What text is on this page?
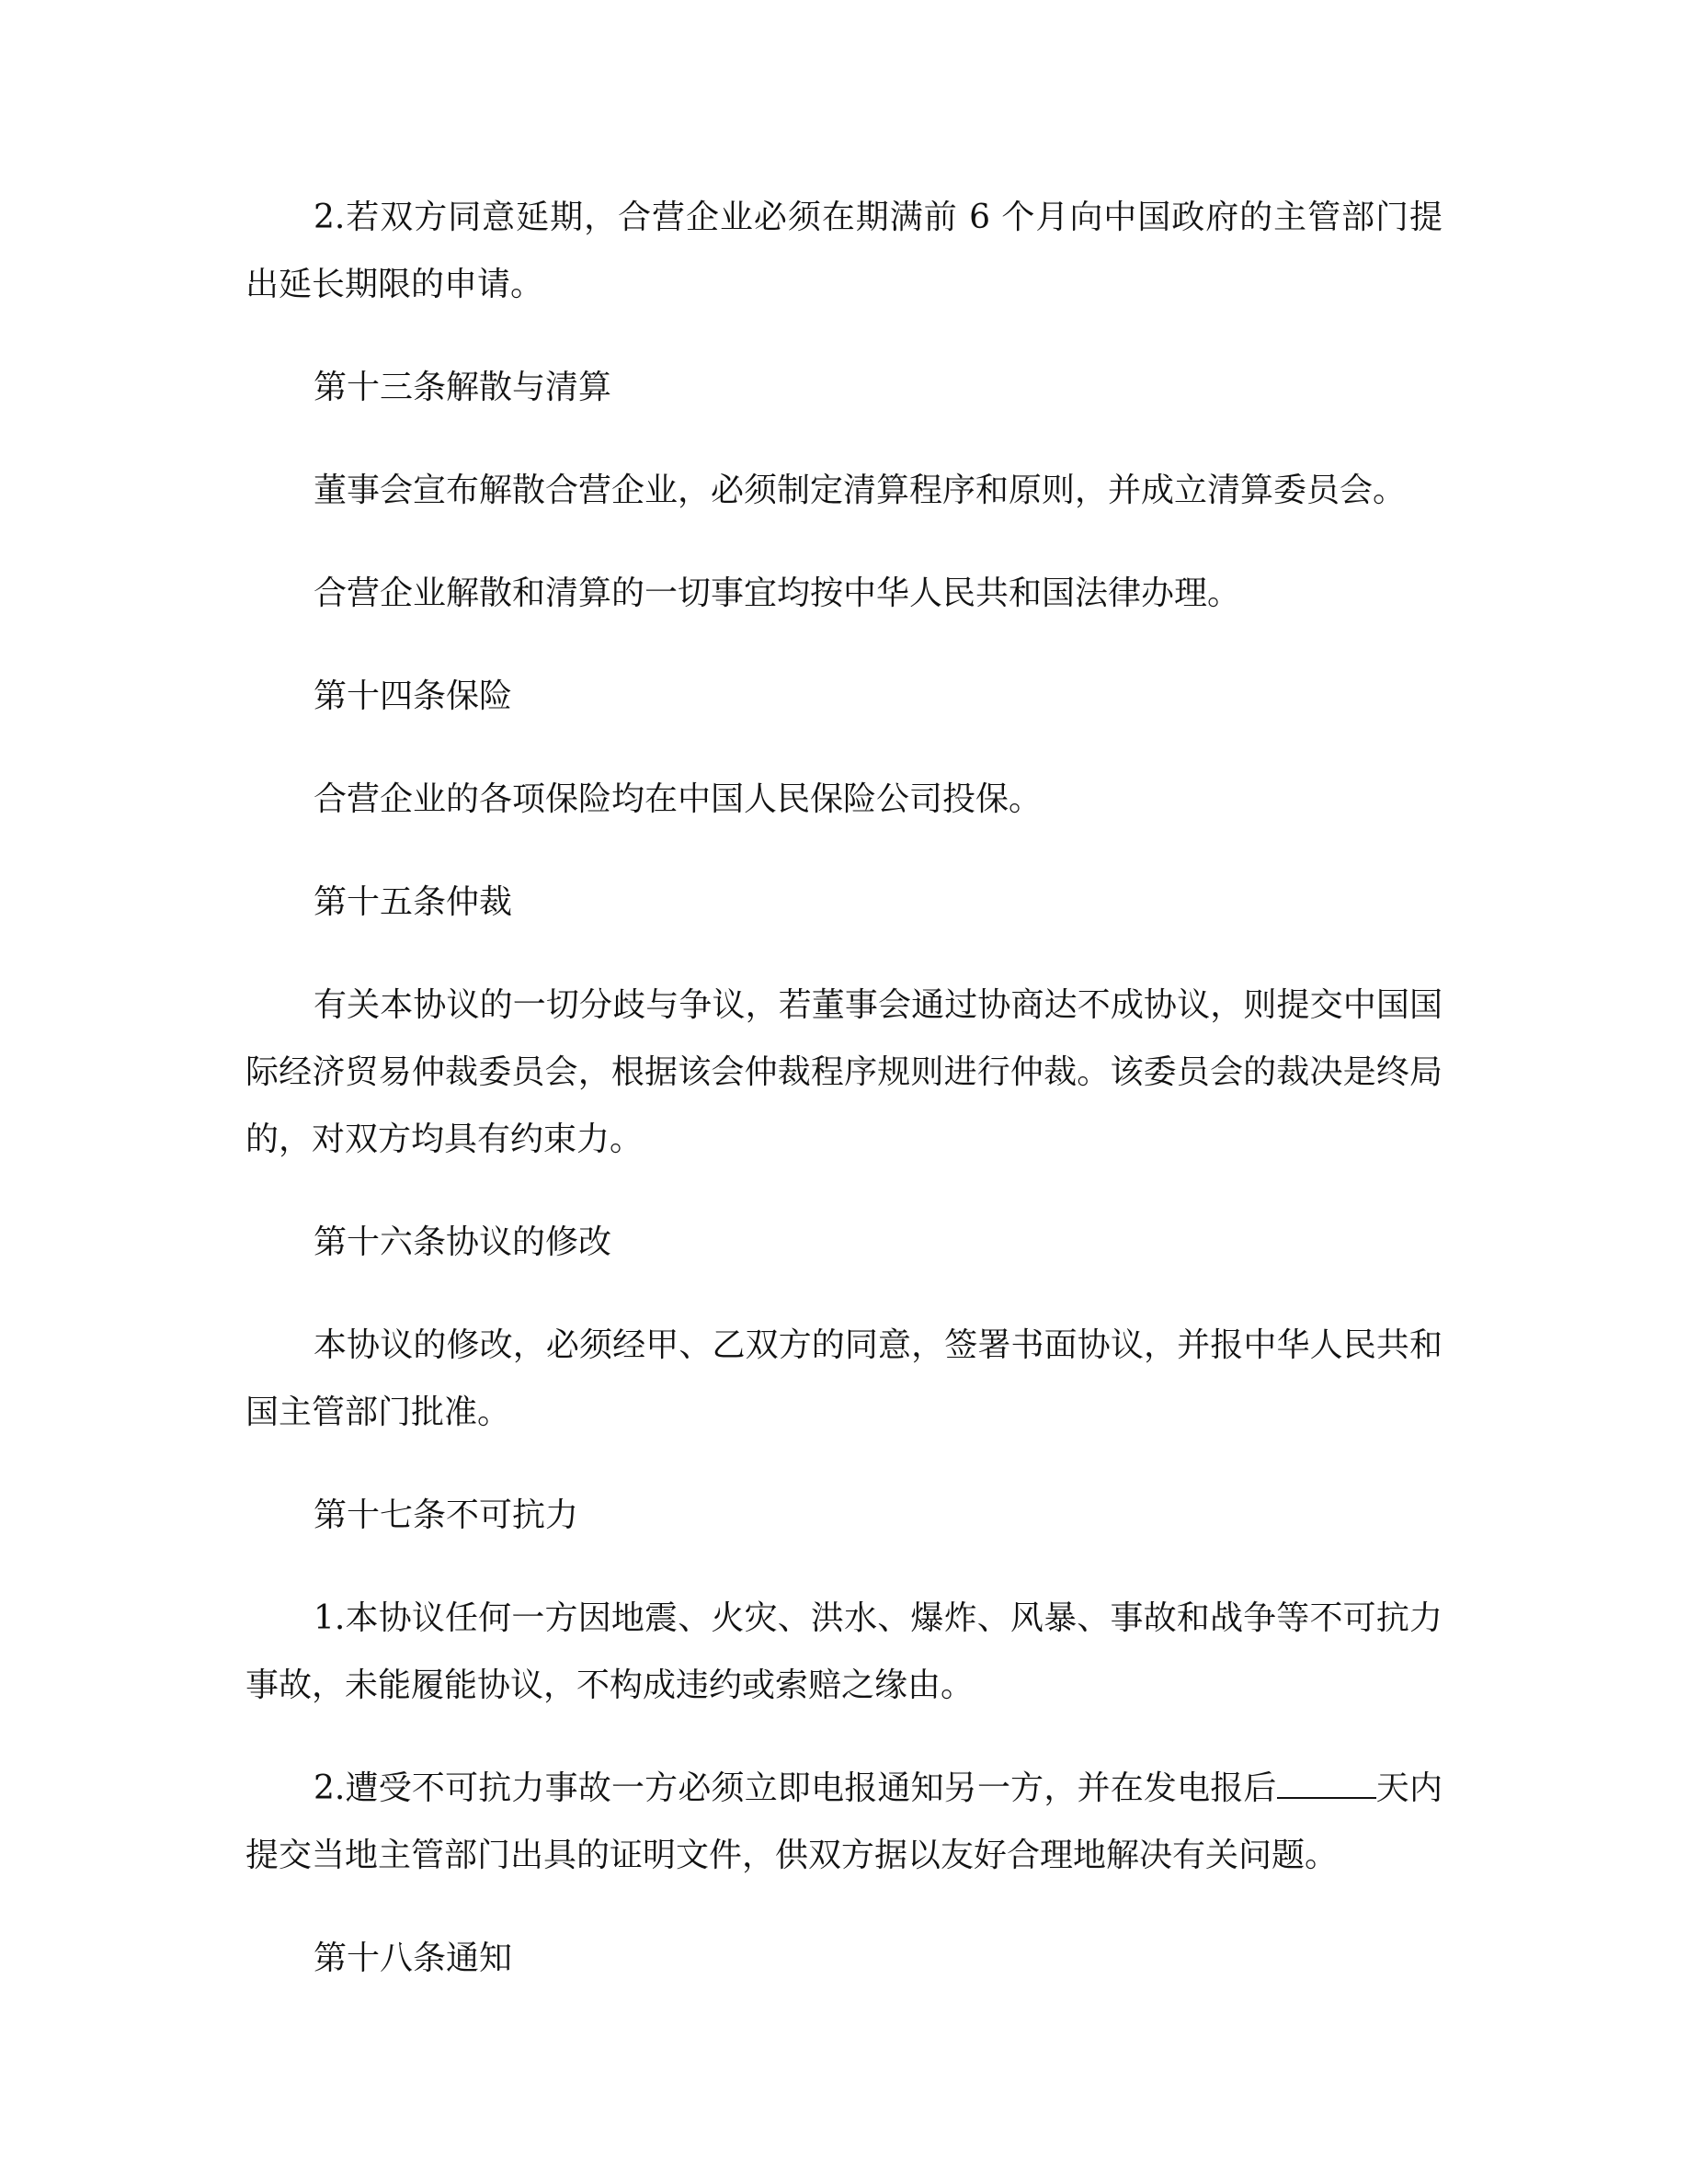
2.若双方同意延期，合营企业必须在期满前 6 个月向中国政府的主管部门提出延长期限的申请。

第十三条解散与清算

董事会宣布解散合营企业，必须制定清算程序和原则，并成立清算委员会。

合营企业解散和清算的一切事宜均按中华人民共和国法律办理。

第十四条保险

合营企业的各项保险均在中国人民保险公司投保。

第十五条仲裁

有关本协议的一切分歧与争议，若董事会通过协商达不成协议，则提交中国国际经济贸易仲裁委员会，根据该会仲裁程序规则进行仲裁。该委员会的裁决是终局的，对双方均具有约束力。

第十六条协议的修改

本协议的修改，必须经甲、乙双方的同意，签署书面协议，并报中华人民共和国主管部门批准。

第十七条不可抗力

1.本协议任何一方因地震、火灾、洪水、爆炸、风暴、事故和战争等不可抗力事故，未能履能协议，不构成违约或索赔之缘由。

2.遭受不可抗力事故一方必须立即电报通知另一方，并在发电报后	天内提交当地主管部门出具的证明文件，供双方据以友好合理地解决有关问题。

第十八条通知
